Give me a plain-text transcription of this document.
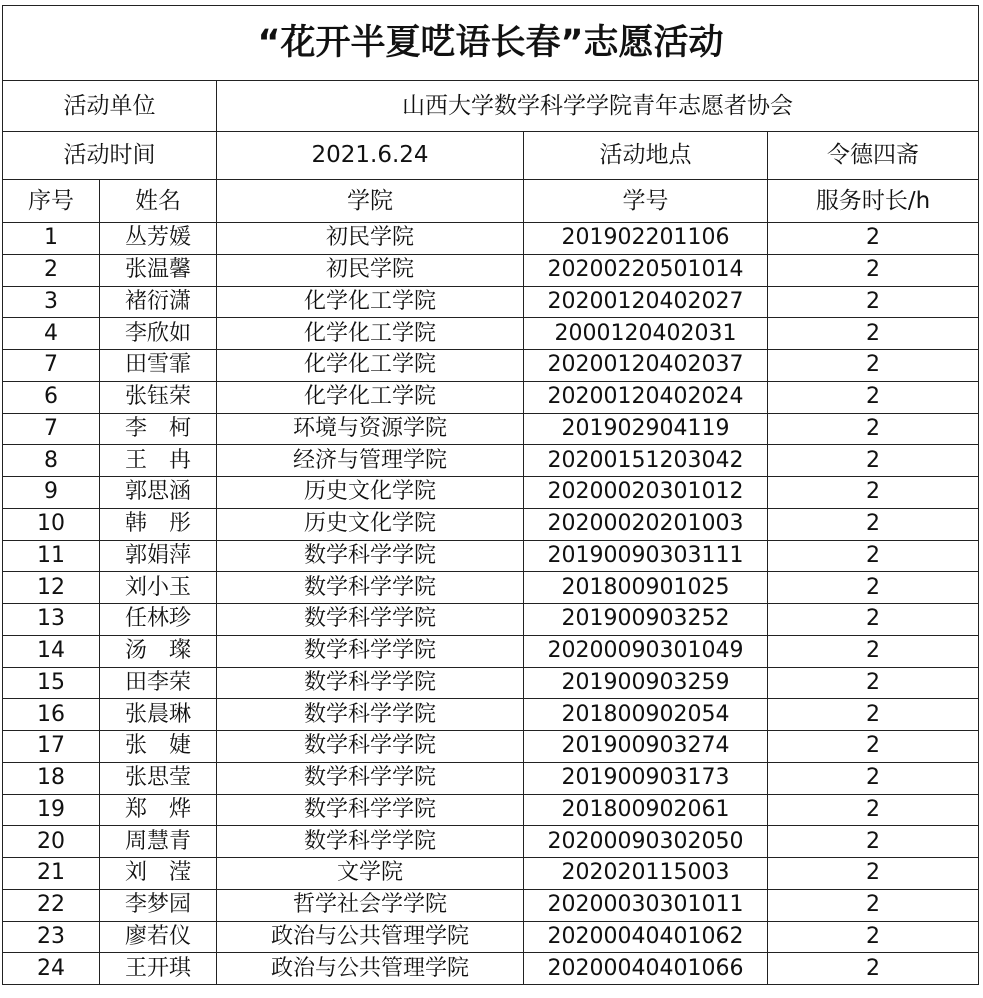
“花开半夏呓语长春”志愿活动				
活动单位		山西大学数学科学学院青年志愿者协会		
活动时间		2021.6.24	活动地点	令德四斋
序号	姓名	学院	学号	服务时长/h
1	丛芳媛	初民学院	201902201106	2
2	张温馨	初民学院	20200220501014	2
3	褚衍潇	化学化工学院	20200120402027	2
4	李欣如	化学化工学院	2000120402031	2
7	田雪霏	化学化工学院	20200120402037	2
6	张钰荣	化学化工学院	20200120402024	2
7	李　柯	环境与资源学院	201902904119	2
8	王　冉	经济与管理学院	20200151203042	2
9	郭思涵	历史文化学院	20200020301012	2
10	韩　彤	历史文化学院	20200020201003	2
11	郭娟萍	数学科学学院	20190090303111	2
12	刘小玉	数学科学学院	201800901025	2
13	任林珍	数学科学学院	201900903252	2
14	汤　璨	数学科学学院	20200090301049	2
15	田李荣	数学科学学院	201900903259	2
16	张晨琳	数学科学学院	201800902054	2
17	张　婕	数学科学学院	201900903274	2
18	张思莹	数学科学学院	201900903173	2
19	郑　烨	数学科学学院	201800902061	2
20	周慧青	数学科学学院	20200090302050	2
21	刘　滢	文学院	202020115003	2
22	李梦园	哲学社会学学院	20200030301011	2
23	廖若仪	政治与公共管理学院	20200040401062	2
24	王开琪	政治与公共管理学院	20200040401066	2
